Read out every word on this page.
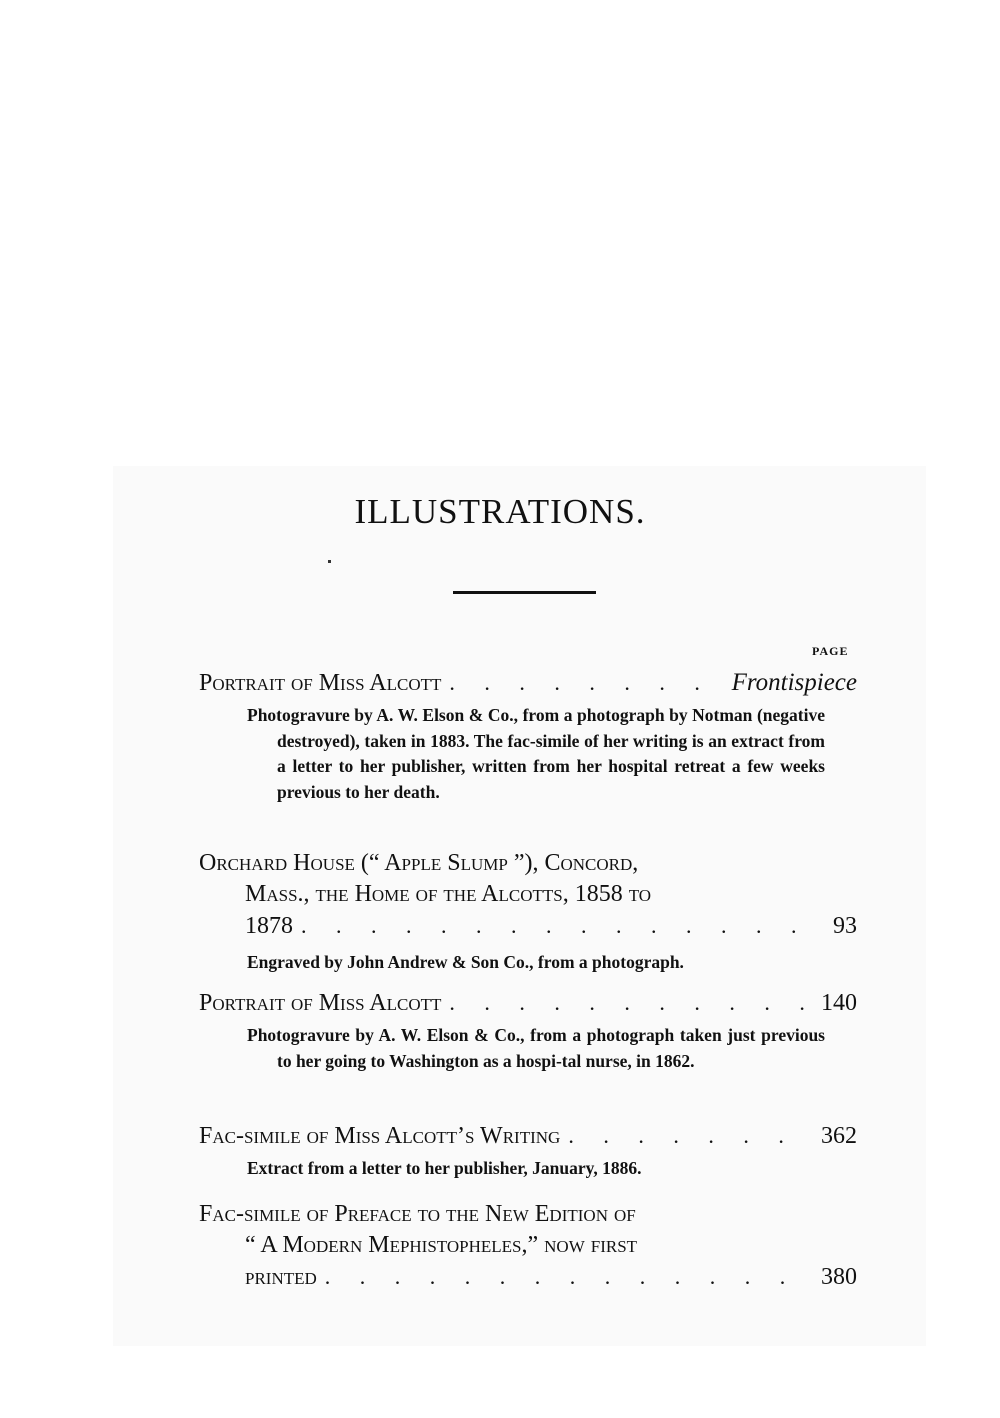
ILLUSTRATIONS.
PAGE
Portrait of Miss Alcott . . .	Frontispiece
Photogravure by A. W. Elson & Co., from a photograph by Notman (negative destroyed), taken in 1883. The fac-simile of her writing is an extract from a letter to her publisher, written from her hospital retreat a few weeks previous to her death.
Orchard House (“ Apple Slump ”), Concord,
Mass., the Home of the Alcotts, 1858 to
1878 . . .	93
Engraved by John Andrew & Son Co., from a photograph.
Portrait of Miss Alcott . . .	140
Photogravure by A. W. Elson & Co., from a photograph taken just previous to her going to Washington as a hospi-tal nurse, in 1862.
Fac-simile of Miss Alcott’s Writing . . .	362
Extract from a letter to her publisher, January, 1886.
Fac-simile of Preface to the New Edition of
“ A Modern Mephistopheles,” now first
printed . . .	380
